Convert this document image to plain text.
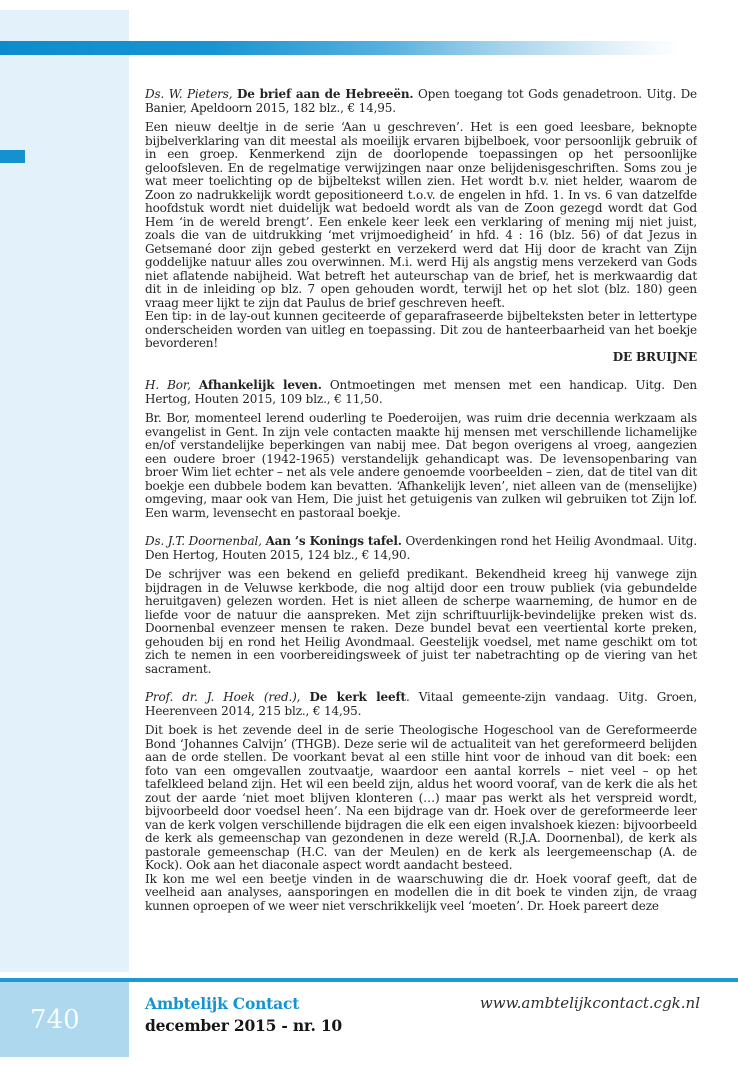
Ds. W. Pieters, De brief aan de Hebreeën. Open toegang tot Gods genadetroon. Uitg. De Banier, Apeldoorn 2015, 182 blz., € 14,95.

Een nieuw deeltje in de serie ‘Aan u geschreven’. Het is een goed leesbare, beknopte bijbelverklaring van dit meestal als moeilijk ervaren bijbelboek, voor persoonlijk gebruik of in een groep. Kenmerkend zijn de doorlopende toepassingen op het persoonlijke geloofsleven. En de regelmatige verwijzingen naar onze belijdenisgeschriften. Soms zou je wat meer toelichting op de bijbeltekst willen zien. Het wordt b.v. niet helder, waarom de Zoon zo nadrukkelijk wordt gepositioneerd t.o.v. de engelen in hfd. 1. In vs. 6 van datzelfde hoofdstuk wordt niet duidelijk wat bedoeld wordt als van de Zoon gezegd wordt dat God Hem ‘in de wereld brengt’. Een enkele keer leek een verklaring of mening mij niet juist, zoals die van de uitdrukking ‘met vrijmoedigheid’ in hfd. 4 : 16 (blz. 56) of dat Jezus in Getsemané door zijn gebed gesterkt en verzekerd werd dat Hij door de kracht van Zijn goddelijke natuur alles zou overwinnen. M.i. werd Hij als angstig mens verzekerd van Gods niet aflatende nabijheid. Wat betreft het auteurschap van de brief, het is merkwaardig dat dit in de inleiding op blz. 7 open gehouden wordt, terwijl het op het slot (blz. 180) geen vraag meer lijkt te zijn dat Paulus de brief geschreven heeft.

Een tip: in de lay-out kunnen geciteerde of geparafraseerde bijbelteksten beter in lettertype onderscheiden worden van uitleg en toepassing. Dit zou de hanteerbaarheid van het boekje bevorderen!

DE BRUIJNE

H. Bor, Afhankelijk leven. Ontmoetingen met mensen met een handicap. Uitg. Den Hertog, Houten 2015, 109 blz., € 11,50.

Br. Bor, momenteel lerend ouderling te Poederoijen, was ruim drie decennia werkzaam als evangelist in Gent. In zijn vele contacten maakte hij mensen met verschillende lichamelijke en/of verstandelijke beperkingen van nabij mee. Dat begon overigens al vroeg, aangezien een oudere broer (1942-1965) verstandelijk gehandicapt was. De levensopenbaring van broer Wim liet echter – net als vele andere genoemde voorbeelden – zien, dat de titel van dit boekje een dubbele bodem kan bevatten. ‘Afhankelijk leven’, niet alleen van de (menselijke) omgeving, maar ook van Hem, Die juist het getuigenis van zulken wil gebruiken tot Zijn lof. Een warm, levensecht en pastoraal boekje.

Ds. J.T. Doornenbal, Aan ’s Konings tafel. Overdenkingen rond het Heilig Avondmaal. Uitg. Den Hertog, Houten 2015, 124 blz., € 14,90.

De schrijver was een bekend en geliefd predikant. Bekendheid kreeg hij vanwege zijn bijdragen in de Veluwse kerkbode, die nog altijd door een trouw publiek (via gebundelde heruitgaven) gelezen worden. Het is niet alleen de scherpe waarneming, de humor en de liefde voor de natuur die aanspreken. Met zijn schriftuurlijk-bevindelijke preken wist ds. Doornenbal evenzeer mensen te raken. Deze bundel bevat een veertiental korte preken, gehouden bij en rond het Heilig Avondmaal. Geestelijk voedsel, met name geschikt om tot zich te nemen in een voorbereidingsweek of juist ter nabetrachting op de viering van het sacrament.

Prof. dr. J. Hoek (red.), De kerk leeft. Vitaal gemeente-zijn vandaag. Uitg. Groen, Heerenveen 2014, 215 blz., € 14,95.

Dit boek is het zevende deel in de serie Theologische Hogeschool van de Gereformeerde Bond ‘Johannes Calvijn’ (THGB). Deze serie wil de actualiteit van het gereformeerd belijden aan de orde stellen. De voorkant bevat al een stille hint voor de inhoud van dit boek: een foto van een omgevallen zoutvaatje, waardoor een aantal korrels – niet veel – op het tafelkleed beland zijn. Het wil een beeld zijn, aldus het woord vooraf, van de kerk die als het zout der aarde ‘niet moet blijven klonteren (…) maar pas werkt als het verspreid wordt, bijvoorbeeld door voedsel heen’. Na een bijdrage van dr. Hoek over de gereformeerde leer van de kerk volgen verschillende bijdragen die elk een eigen invalshoek kiezen: bijvoorbeeld de kerk als gemeenschap van gezondenen in deze wereld (R.J.A. Doornenbal), de kerk als pastorale gemeenschap (H.C. van der Meulen) en de kerk als leergemeenschap (A. de Kock). Ook aan het diaconale aspect wordt aandacht besteed.

Ik kon me wel een beetje vinden in de waarschuwing die dr. Hoek vooraf geeft, dat de veelheid aan analyses, aansporingen en modellen die in dit boek te vinden zijn, de vraag kunnen oproepen of we weer niet verschrikkelijk veel ‘moeten’. Dr. Hoek pareert deze

740
Ambtelijk Contact
december 2015 - nr. 10
www.ambtelijkcontact.cgk.nl
